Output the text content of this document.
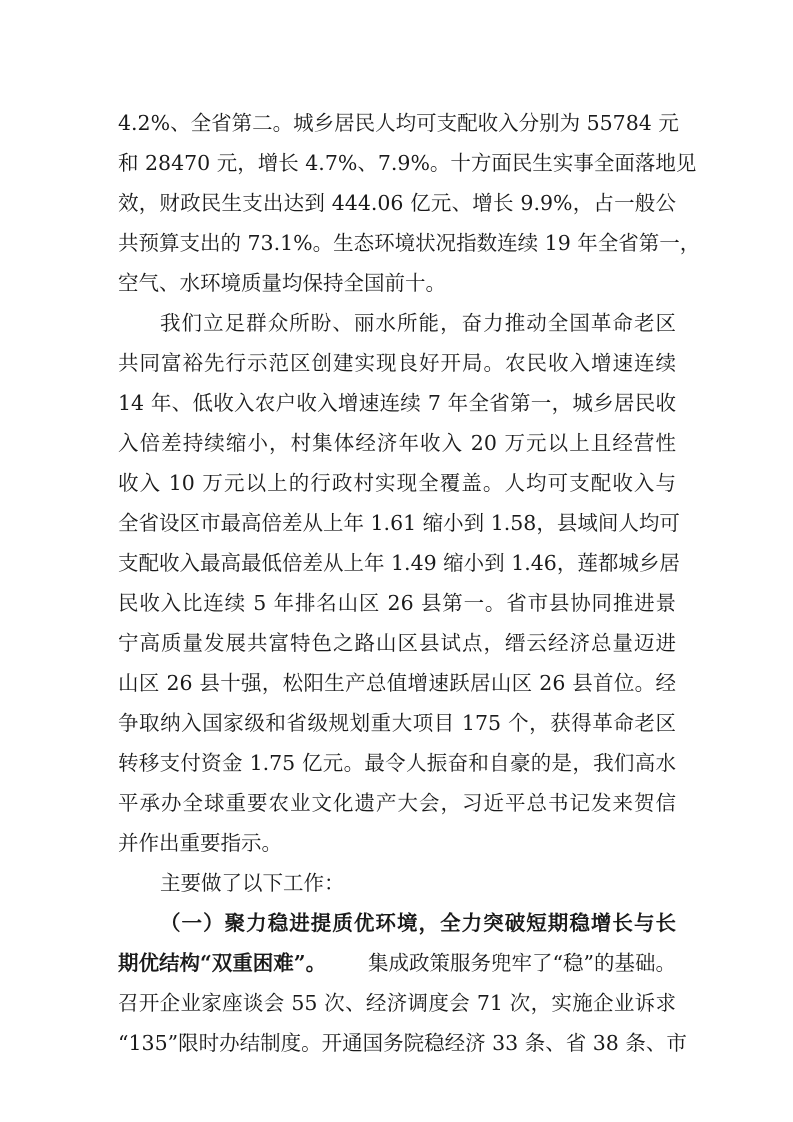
4.2%、全省第二。城乡居民人均可支配收入分别为 55784 元
和 28470 元，增长 4.7%、7.9%。十方面民生实事全面落地见
效，财政民生支出达到 444.06 亿元、增长 9.9%，占一般公
共预算支出的 73.1%。生态环境状况指数连续 19 年全省第一，
空气、水环境质量均保持全国前十。
我们立足群众所盼、丽水所能，奋力推动全国革命老区
共同富裕先行示范区创建实现良好开局。农民收入增速连续
14 年、低收入农户收入增速连续 7 年全省第一，城乡居民收
入倍差持续缩小，村集体经济年收入 20 万元以上且经营性
收入 10 万元以上的行政村实现全覆盖。人均可支配收入与
全省设区市最高倍差从上年 1.61 缩小到 1.58，县域间人均可
支配收入最高最低倍差从上年 1.49 缩小到 1.46，莲都城乡居
民收入比连续 5 年排名山区 26 县第一。省市县协同推进景
宁高质量发展共富特色之路山区县试点，缙云经济总量迈进
山区 26 县十强，松阳生产总值增速跃居山区 26 县首位。经
争取纳入国家级和省级规划重大项目 175 个，获得革命老区
转移支付资金 1.75 亿元。最令人振奋和自豪的是，我们高水
平承办全球重要农业文化遗产大会，习近平总书记发来贺信
并作出重要指示。
主要做了以下工作：
（一）聚力稳进提质优环境，全力突破短期稳增长与长
期优结构“双重困难”。 集成政策服务兜牢了“稳”的基础。
召开企业家座谈会 55 次、经济调度会 71 次，实施企业诉求
“135”限时办结制度。开通国务院稳经济 33 条、省 38 条、市
